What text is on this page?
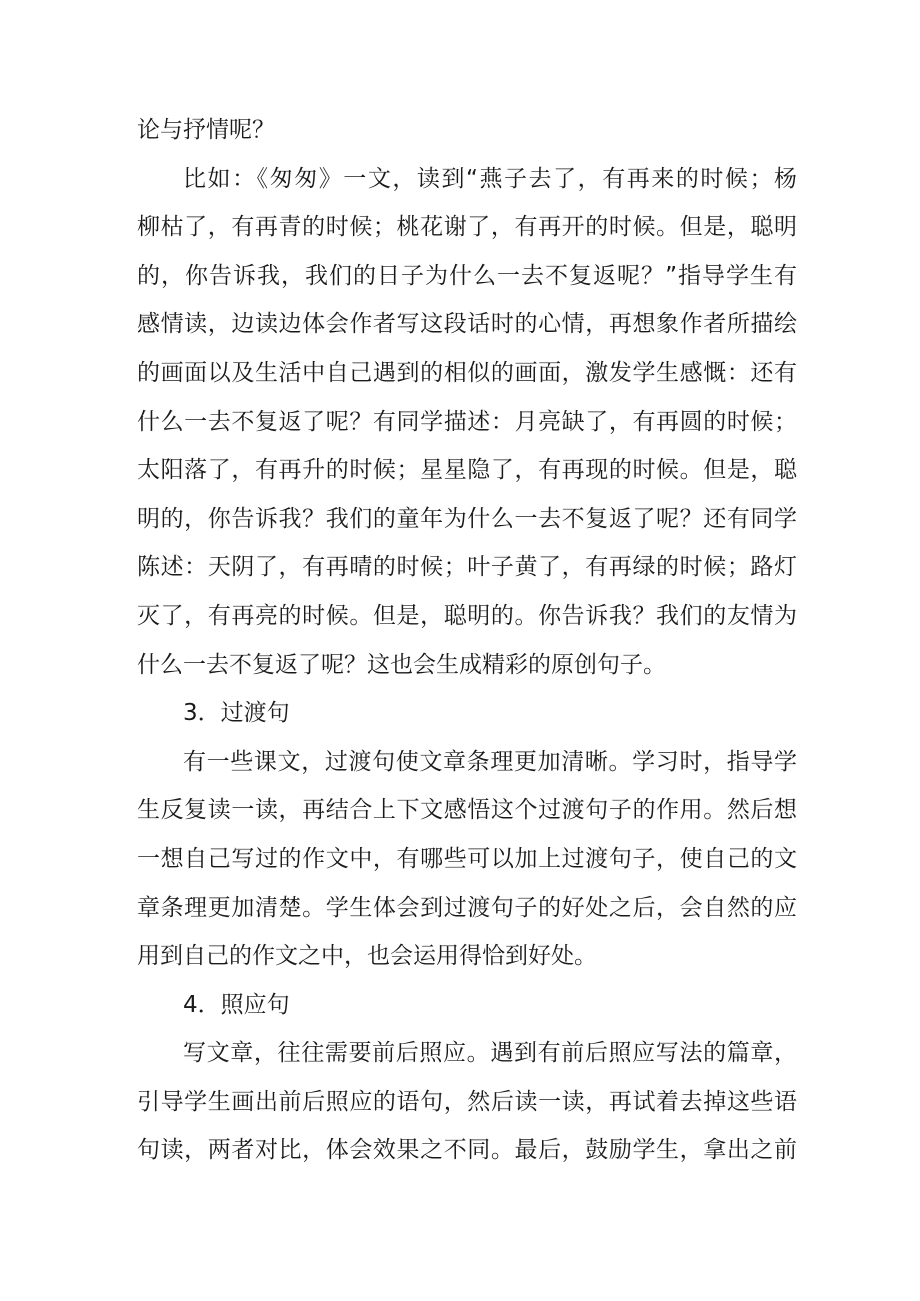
论与抒情呢？
比如：《匆匆》一文，读到“燕子去了，有再来的时候；杨
柳枯了，有再青的时候；桃花谢了，有再开的时候。但是，聪明
的，你告诉我，我们的日子为什么一去不复返呢？”指导学生有
感情读，边读边体会作者写这段话时的心情，再想象作者所描绘
的画面以及生活中自己遇到的相似的画面，激发学生感慨：还有
什么一去不复返了呢？有同学描述：月亮缺了，有再圆的时候；
太阳落了，有再升的时候；星星隐了，有再现的时候。但是，聪
明的，你告诉我？我们的童年为什么一去不复返了呢？还有同学
陈述：天阴了，有再晴的时候；叶子黄了，有再绿的时候；路灯
灭了，有再亮的时候。但是，聪明的。你告诉我？我们的友情为
什么一去不复返了呢？这也会生成精彩的原创句子。
3．过渡句
有一些课文，过渡句使文章条理更加清晰。学习时，指导学
生反复读一读，再结合上下文感悟这个过渡句子的作用。然后想
一想自己写过的作文中，有哪些可以加上过渡句子，使自己的文
章条理更加清楚。学生体会到过渡句子的好处之后，会自然的应
用到自己的作文之中，也会运用得恰到好处。
4．照应句
写文章，往往需要前后照应。遇到有前后照应写法的篇章，
引导学生画出前后照应的语句，然后读一读，再试着去掉这些语
句读，两者对比，体会效果之不同。最后，鼓励学生，拿出之前
